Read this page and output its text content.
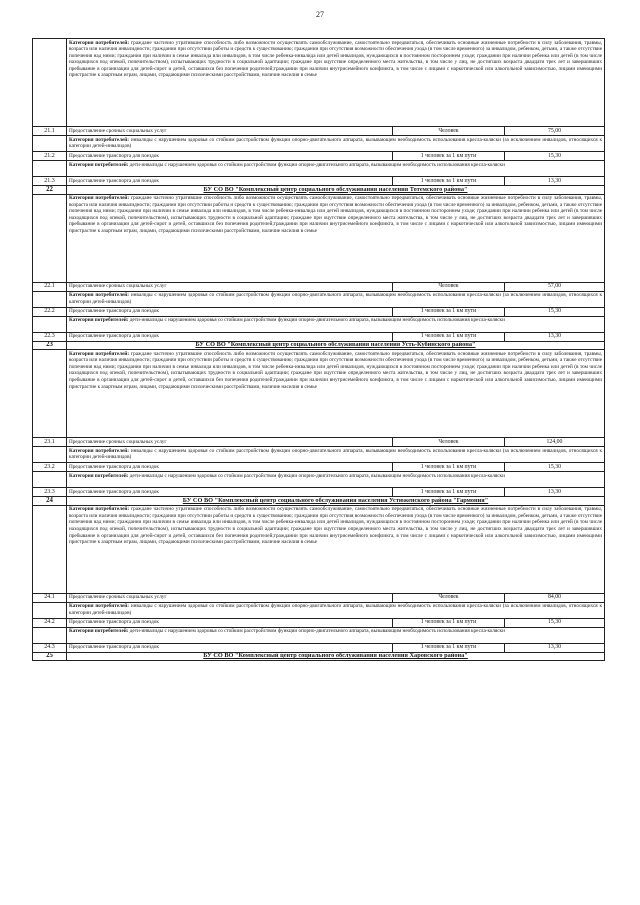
27
	Категория потребителей: граждане частично утратившие способность либо возможности осуществлять самообслуживание, самостоятельно передвигаться, обеспечивать основные жизненные потребности в силу заболевания, травмы, возраста или наличия инвалидности; граждании при отсутствии работы и средств к существованию; граждании при отсутствия возможности обеспечения ухода (в том числе временного) за инвалидом, ребенком, детьми, а также отсутствие попечения над ними; граждании при наличии в семье инвалида или инвалидов, в том числе ребенка-инвалида или детей инвалидов, нуждающихся в постоянном постороннем уходе; граждании при наличии ребенка или детей (в том числе находящихся под опекой, попечительством), испытывающих трудности в социальной адаптации; граждане при оцутствие определенного места жительства, в том числе у лиц, не достигших возраста двадцати трех лет и завершивших пребывание в организации для детей-сирот и детей, оставшихся без попечения родителей;граждании при наличии внутрисемейного конфликта, в том числе с лицами с наркотической или алкогольной зависимостью, лицами имеющими пристрастие к азартным играм, лицами, страдающими психическими расстройствами, наличие насилия в семье		
21.1	Предоставление срочных социальных услуг	Человек	75,00
	Категория потребителей: инвалиды с нарушением здоровья со стойким расстройством функции опорно-двигательного аппарата, вызывающим необходимость использования кресла-коляски (за исключением инвалидов, относящихся к категории детей-инвалидов)		
21.2	Предоставление транспорта для поездок	1 человек за 1 км пути	15,30
	Категория потребителей: дети-инвалиды с нарушением здоровья со стойким расстройством функции опорно-двигательного аппарата, вызывающим необходимость использования кресла-коляски		
21.3	Предоставление транспорта для поездок	1 человек за 1 км пути	13,30
22	БУ СО ВО "Комплексный центр социального обслуживания населения Тотемского района"		
	Категория потребителей: граждане частично утратившие способность либо возможности осуществлять самообслуживание, самостоятельно передвигаться, обеспечивать основные жизненные потребности в силу заболевания, травмы, возраста или наличия инвалидности; граждании при отсутствии работы и средств к существованию; граждании при отсутствия возможности обеспечения ухода (в том числе временного) за инвалидом, ребенком, детьми, а также отсутствие попечения над ними; граждании при наличии в семье инвалида или инвалидов, в том числе ребенка-инвалида или детей инвалидов, нуждающихся в постоянном постороннем уходе; граждании при наличии ребенка или детей (в том числе находящихся под опекой, попечительством), испытывающих трудности в социальной адаптации; граждане при оцутствие определенного места жительства, в том числе у лиц, не достигших возраста двадцати трех лет и завершивших пребывание в организации для детей-сирот и детей, оставшихся без попечения родителей;граждании при наличии внутрисемейного конфликта, в том числе с лицами с наркотической или алкогольной зависимостью, лицами имеющими пристрастие к азартным играм, лицами, страдающими психическими расстройствами, наличие насилия в семье		
22.1	Предоставление срочных социальных услуг	Человек	57,00
	Категория потребителей: инвалиды с нарушением здоровья со стойким расстройством функции опорно-двигательного аппарата, вызывающим необходимость использования кресла-коляски (за исключением инвалидов, относящихся к категории детей-инвалидов)		
22.2	Предоставление транспорта для поездок	1 человек за 1 км пути	15,30
	Категория потребителей: дети-инвалиды с нарушением здоровья со стойким расстройством функции опорно-двигательного аппарата, вызывающим необходимость использования кресла-коляски		
22.3	Предоставление транспорта для поездок	1 человек за 1 км пути	13,30
23	БУ СО ВО "Комплексный центр социального обслуживания населения Усть-Кубинского района"		
	Категория потребителей: граждане частично утратившие способность либо возможности осуществлять самообслуживание, самостоятельно передвигаться, обеспечивать основные жизненные потребности в силу заболевания, травмы, возраста или наличия инвалидности; граждании при отсутствии работы и средств к существованию; граждании при отсутствия возможности обеспечения ухода (в том числе временного) за инвалидом, ребенком, детьми, а также отсутствие попечения над ними; граждании при наличии в семье инвалида или инвалидов, в том числе ребенка-инвалида или детей инвалидов, нуждающихся в постоянном постороннем уходе; граждании при наличии ребенка или детей (в том числе находящихся под опекой, попечительством), испытывающих трудности в социальной адаптации; граждане при оцутствие определенного места жительства, в том числе у лиц, не достигших возраста двадцати трех лет и завершивших пребывание в организации для детей-сирот и детей, оставшихся без попечения родителей;граждании при наличии внутрисемейного конфликта, в том числе с лицами с наркотической или алкогольной зависимостью, лицами имеющими пристрастие к азартным играм, лицами, страдающими психическими расстройствами, наличие насилия в семье		
23.1	Предоставление срочных социальных услуг	Человек	124,00
	Категория потребителей: инвалиды с нарушением здоровья со стойким расстройством функции опорно-двигательного аппарата, вызывающим необходимость использования кресла-коляски (за исключением инвалидов, относящихся к категории детей-инвалидов)		
23.2	Предоставление транспорта для поездок	1 человек за 1 км пути	15,30
	Категория потребителей: дети-инвалиды с нарушением здоровья со стойким расстройством функции опорно-двигательного аппарата, вызывающим необходимость использования кресла-коляски		
23.3	Предоставление транспорта для поездок	1 человек за 1 км пути	13,30
24	БУ СО ВО "Комплексный центр социального обслуживания населения Устюженского района "Гармония"		
	Категория потребителей: граждане частично утратившие способность либо возможности осуществлять самообслуживание, самостоятельно передвигаться, обеспечивать основные жизненные потребности в силу заболевания, травмы, возраста или наличия инвалидности; граждании при отсутствии работы и средств к существованию; граждании при отсутствия возможности обеспечения ухода (в том числе временного) за инвалидом, ребенком, детьми, а также отсутствие попечения над ними; граждании при наличии в семье инвалида или инвалидов, в том числе ребенка-инвалида или детей инвалидов, нуждающихся в постоянном постороннем уходе; граждании при наличии ребенка или детей (в том числе находящихся под опекой, попечительством), испытывающих трудности в социальной адаптации; граждане при оцутствие определенного места жительства, в том числе у лиц, не достигших возраста двадцати трех лет и завершивших пребывание в организации для детей-сирот и детей, оставшихся без попечения родителей;граждании при наличии внутрисемейного конфликта, в том числе с лицами с наркотической или алкогольной зависимостью, лицами имеющими пристрастие к азартным играм, лицами, страдающими психическими расстройствами, наличие насилия в семье		
24.1	Предоставление срочных социальных услуг	Человек	84,00
	Категория потребителей: инвалиды с нарушением здоровья со стойким расстройством функции опорно-двигательного аппарата, вызывающим необходимость использования кресла-коляски (за исключением инвалидов, относящихся к категории детей-инвалидов)		
24.2	Предоставление транспорта для поездок	1 человек за 1 км пути	15,30
	Категория потребителей: дети-инвалиды с нарушением здоровья со стойким расстройством функции опорно-двигательного аппарата, вызывающим необходимость использования кресла-коляски		
24.3	Предоставление транспорта для поездок	1 человек за 1 км пути	13,30
25	БУ СО ВО "Комплексный центр социального обслуживания населения Харовского района"		
